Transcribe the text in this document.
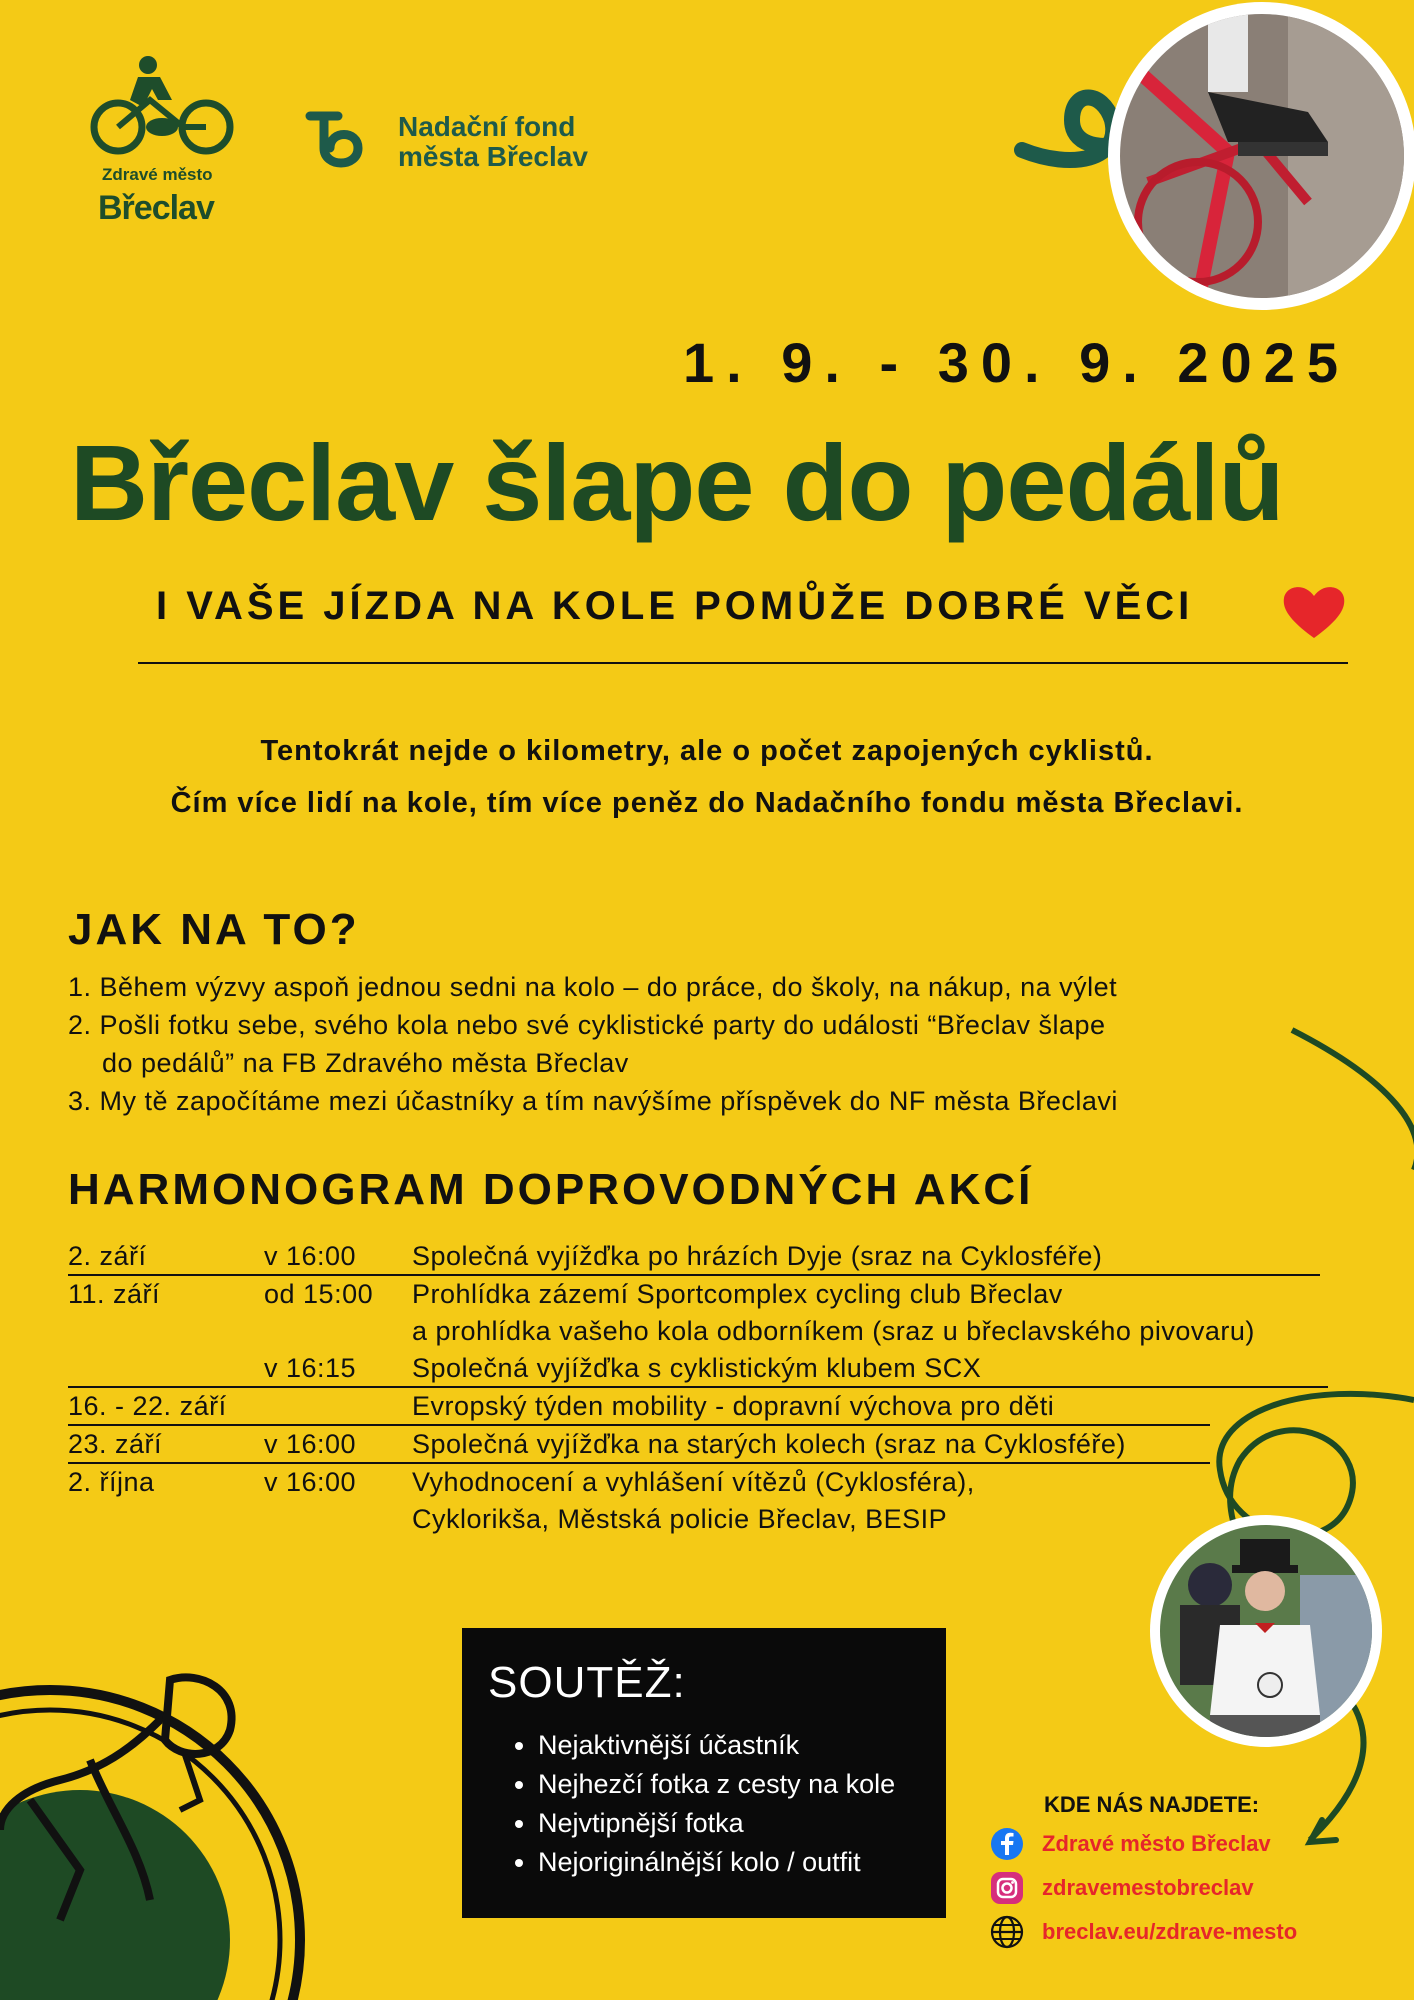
Zdravé město
Břeclav
Nadační fond
města Břeclav
1. 9. - 30. 9. 2025
Břeclav šlape do pedálů
I VAŠE JÍZDA NA KOLE POMŮŽE DOBRÉ VĚCI
Tentokrát nejde o kilometry, ale o počet zapojených cyklistů.
Čím více lidí na kole, tím více peněz do Nadačního fondu města Břeclavi.
JAK NA TO?
1. Během výzvy aspoň jednou sedni na kolo – do práce, do školy, na nákup, na výlet
2. Pošli fotku sebe, svého kola nebo své cyklistické party do události “Břeclav šlape
do pedálů” na FB Zdravého města Břeclav
3. My tě započítáme mezi účastníky a tím navýšíme příspěvek do NF města Břeclavi
HARMONOGRAM DOPROVODNÝCH AKCÍ
2. září	v 16:00 Společná vyjížďka po hrázích Dyje (sraz na Cyklosféře)
11. září	od 15:00 Prohlídka zázemí Sportcomplex cycling club Břeclav
a prohlídka vašeho kola odborníkem (sraz u břeclavského pivovaru)
v 16:15 Společná vyjížďka s cyklistickým klubem SCX
16. - 22. září	Evropský týden mobility - dopravní výchova pro děti
23. září	v 16:00 Společná vyjížďka na starých kolech (sraz na Cyklosféře)
2. října	v 16:00 Vyhodnocení a vyhlášení vítězů (Cyklosféra),
Cyklorikša, Městská policie Břeclav, BESIP
SOUTĚŽ:
• Nejaktivnější účastník
• Nejhezčí fotka z cesty na kole
• Nejvtipnější fotka
• Nejoriginálnější kolo / outfit
KDE NÁS NAJDETE:
Zdravé město Břeclav
zdravemestobreclav
breclav.eu/zdrave-mesto
